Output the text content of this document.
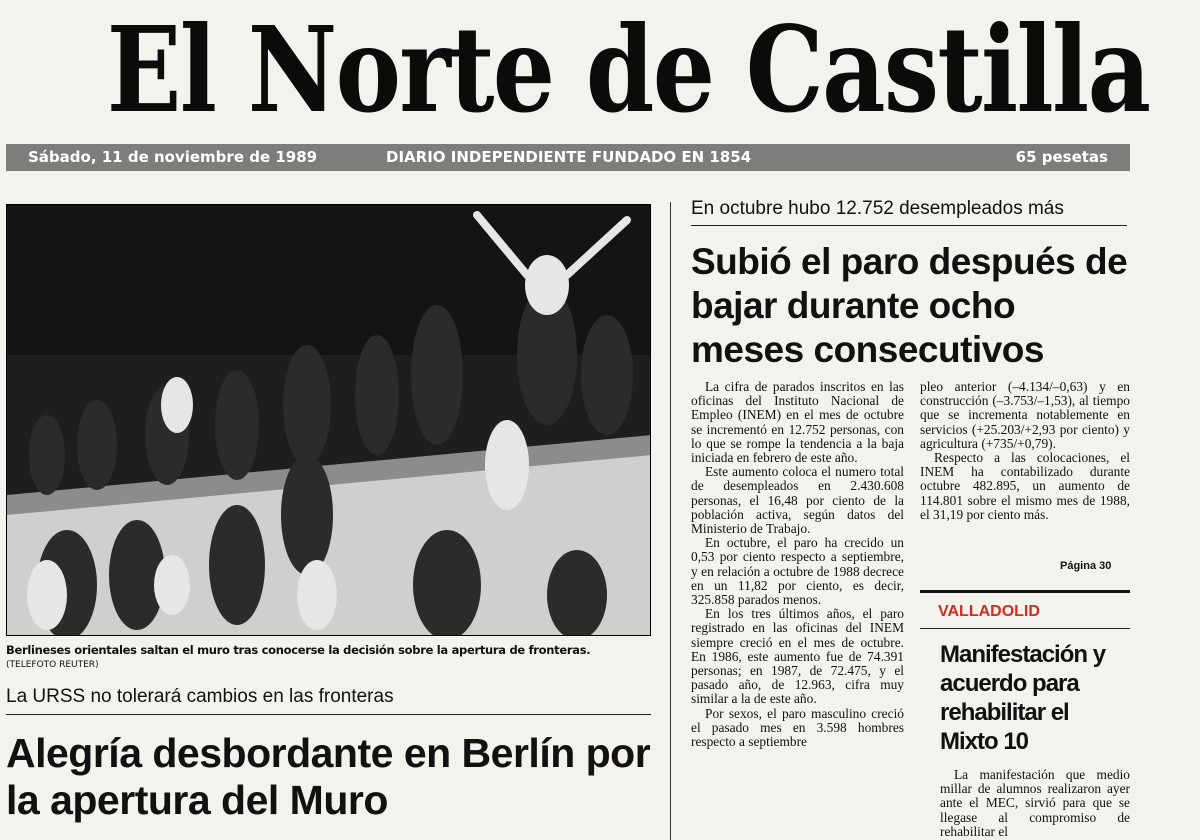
El Norte de Castilla
Sábado, 11 de noviembre de 1989	DIARIO INDEPENDIENTE FUNDADO EN 1854	65 pesetas
Berlineses orientales saltan el muro tras conocerse la decisión sobre la apertura de fronteras.
(TELEFOTO REUTER)
La URSS no tolerará cambios en las fronteras
Alegría desbordante en Berlín por la apertura del Muro
En octubre hubo 12.752 desempleados más
Subió el paro después de bajar durante ocho meses consecutivos

La cifra de parados inscritos en las oficinas del Instituto Nacional de Empleo (INEM) en el mes de octubre se incrementó en 12.752 personas, con lo que se rompe la tendencia a la baja iniciada en febrero de este año.

Este aumento coloca el numero total de desempleados en 2.430.608 personas, el 16,48 por ciento de la población activa, según datos del Ministerio de Trabajo.

En octubre, el paro ha crecido un 0,53 por ciento respecto a septiembre, y en relación a octubre de 1988 decrece en un 11,82 por ciento, es decir, 325.858 parados menos.

En los tres últimos años, el paro registrado en las oficinas del INEM siempre creció en el mes de octubre. En 1986, este aumento fue de 74.391 personas; en 1987, de 72.475, y el pasado año, de 12.963, cifra muy similar a la de este año.

Por sexos, el paro masculino creció el pasado mes en 3.598 hombres respecto a septiembre

pleo anterior (–4.134/–0,63) y en construcción (–3.753/–1,53), al tiempo que se incrementa notablemente en servicios (+25.203/+2,93 por ciento) y agricultura (+735/+0,79).

Respecto a las colocaciones, el INEM ha contabilizado durante octubre 482.895, un aumento de 114.801 sobre el mismo mes de 1988, el 31,19 por ciento más.

Página 30
VALLADOLID
Manifestación y acuerdo para rehabilitar el Mixto 10

La manifestación que medio millar de alumnos realizaron ayer ante el MEC, sirvió para que se llegase al compromiso de rehabilitar el
